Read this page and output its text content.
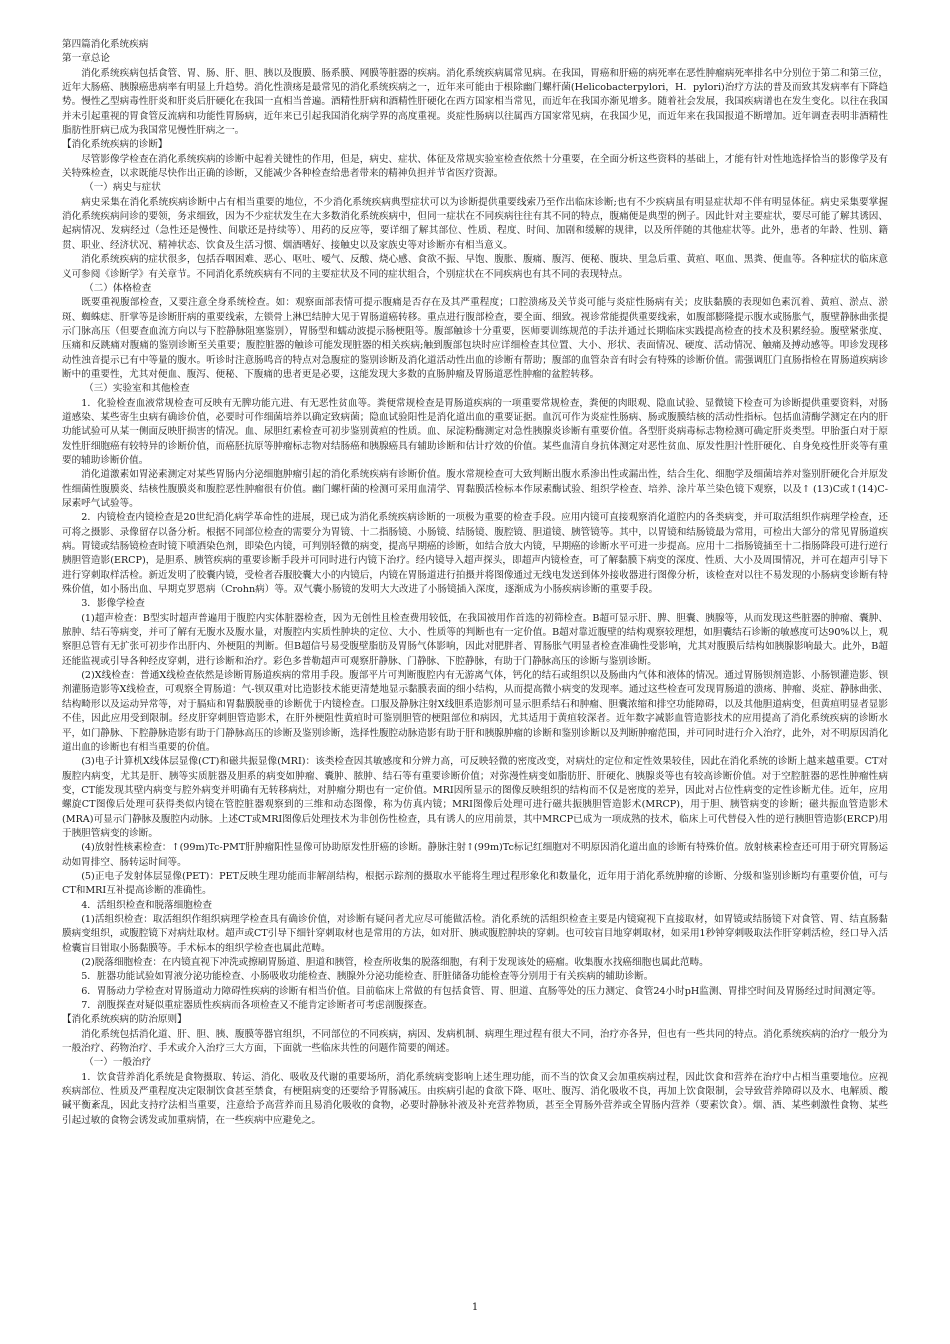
第四篇消化系统疾病

第一章总论

消化系统疾病包括食管、胃、肠、肝、胆、胰以及腹膜、肠系膜、网膜等脏器的疾病。消化系统疾病属常见病。在我国，胃癌和肝癌的病死率在恶性肿瘤病死率排名中分别位于第二和第三位，近年大肠癌、胰腺癌患病率有明显上升趋势。消化性溃疡是最常见的消化系统疾病之一，近年来可能由于根除幽门螺杆菌(Helicobacterpylori，H．pylori)治疗方法的普及而致其发病率有下降趋势。慢性乙型病毒性肝炎和肝炎后肝硬化在我国一直相当普遍。酒精性肝病和酒精性肝硬化在西方国家相当常见，而近年在我国亦渐见增多。随着社会发展，我国疾病谱也在发生变化。以往在我国并未引起重视的胃食管反流病和功能性胃肠病，近年来已引起我国消化病学界的高度重视。炎症性肠病以往属西方国家常见病，在我国少见，而近年来在我国报道不断增加。近年调查表明非酒精性脂肪性肝病已成为我国常见慢性肝病之一。

【消化系统疾病的诊断】

尽管影像学检查在消化系统疾病的诊断中起着关键性的作用，但是，病史、症状、体征及常规实验室检查依然十分重要，在全面分析这些资料的基础上，才能有针对性地选择恰当的影像学及有关特殊检查，以求既能尽快作出正确的诊断，又能减少各种检查给患者带来的精神负担并节省医疗资源。

（一）病史与症状

病史采集在消化系统疾病诊断中占有相当重要的地位，不少消化系统疾病典型症状可以为诊断提供重要线索乃至作出临床诊断;也有不少疾病虽有明显症状却不伴有明显体征。病史采集要掌握消化系统疾病问诊的要领，务求细致，因为不少症状发生在大多数消化系统疾病中，但同一症状在不同疾病往往有其不同的特点，腹痛便是典型的例子。因此针对主要症状，要尽可能了解其诱因、起病情况、发病经过（急性还是慢性、间歇还是持续等）、用药的反应等，要详细了解其部位、性质、程度、时间、加剧和缓解的规律，以及所伴随的其他症状等。此外，患者的年龄、性别、籍贯、职业、经济状况、精神状态、饮食及生活习惯、烟酒嗜好、接触史以及家族史等对诊断亦有相当意义。

消化系统疾病的症状很多，包括吞咽困难、恶心、呕吐、嗳气、反酸、烧心感、食欲不振、早饱、腹胀、腹痛、腹泻、便秘、腹块、里急后重、黄疸、呕血、黑粪、便血等。各种症状的临床意义可参阅《诊断学》有关章节。不同消化系统疾病有不同的主要症状及不同的症状组合，个别症状在不同疾病也有其不同的表现特点。

（二）体格检查

既要重视腹部检查，又要注意全身系统检查。如：观察面部表情可提示腹痛是否存在及其严重程度；口腔溃疡及关节炎可能与炎症性肠病有关；皮肤黏膜的表现如色素沉着、黄疸、淤点、淤斑、蜘蛛痣、肝掌等是诊断肝病的重要线索，左锁骨上淋巴结肿大见于胃肠道癌转移。重点进行腹部检查，要全面、细致。视诊常能提供重要线索，如腹部膨隆提示腹水或肠胀气，腹壁静脉曲张提示门脉高压（但要查血流方向以与下腔静脉阻塞鉴别），胃肠型和蠕动波提示肠梗阻等。腹部触诊十分重要，医师要训练规范的手法并通过长期临床实践提高检查的技术及积累经验。腹壁紧张度、压痛和反跳痛对腹痛的鉴别诊断至关重要；腹腔脏器的触诊可能发现脏器的相关疾病;触到腹部包块时应详细检查其位置、大小、形状、表面情况、硬度、活动情况、触痛及搏动感等。叩诊发现移动性浊音提示已有中等量的腹水。听诊时注意肠鸣音的特点对急腹症的鉴别诊断及消化道活动性出血的诊断有帮助；腹部的血管杂音有时会有特殊的诊断价值。需强调肛门直肠指检在胃肠道疾病诊断中的重要性，尤其对便血、腹泻、便秘、下腹痛的患者更是必要，这能发现大多数的直肠肿瘤及胃肠道恶性肿瘤的盆腔转移。

（三）实验室和其他检查

1．化验检查血液常规检查可反映有无脾功能亢进、有无恶性贫血等。粪便常规检查是胃肠道疾病的一项重要常规检查，粪便的肉眼观、隐血试验、显微镜下检查可为诊断提供重要资料，对肠道感染、某些寄生虫病有确诊价值，必要时可作细菌培养以确定致病菌；隐血试验阳性是消化道出血的重要证据。血沉可作为炎症性肠病、肠或腹膜结核的活动性指标。包括血清酶学测定在内的肝功能试验可从某一侧面反映肝损害的情况。血、尿胆红素检查可初步鉴别黄疸的性质。血、尿淀粉酶测定对急性胰腺炎诊断有重要价值。各型肝炎病毒标志物检测可确定肝炎类型。甲胎蛋白对于原发性肝细胞癌有较特异的诊断价值，而癌胚抗原等肿瘤标志物对结肠癌和胰腺癌具有辅助诊断和估计疗效的价值。某些血清自身抗体测定对恶性贫血、原发性胆汁性肝硬化、自身免疫性肝炎等有重要的辅助诊断价值。

消化道激素如胃泌素测定对某些胃肠内分泌细胞肿瘤引起的消化系统疾病有诊断价值。腹水常规检查可大致判断出腹水系渗出性或漏出性，结合生化、细胞学及细菌培养对鉴别肝硬化合并原发性细菌性腹膜炎、结核性腹膜炎和腹腔恶性肿瘤很有价值。幽门螺杆菌的检测可采用血清学、胃黏膜活检标本作尿素酶试验、组织学检查、培养、涂片革兰染色镜下观察，以及↑ (13)C或↑(14)C-尿素呼气试验等。

2．内镜检查内镜检查是20世纪消化病学革命性的进展，现已成为消化系统疾病诊断的一项极为重要的检查手段。应用内镜可直接观察消化道腔内的各类病变，并可取活组织作病理学检查，还可将之摄影、录像留存以备分析。根据不同部位检查的需要分为胃镜、十二指肠镜、小肠镜、结肠镜、腹腔镜、胆道镜、胰管镜等。其中，以胃镜和结肠镜最为常用，可检出大部分的常见胃肠道疾病。胃镜或结肠镜检查时镜下喷洒染色剂，即染色内镜，可判别轻微的病变，提高早期癌的诊断，如结合放大内镜，早期癌的诊断水平可进一步提高。应用十二指肠镜插至十二指肠降段可进行逆行胰胆管造影(ERCP)，是胆系、胰管疾病的重要诊断手段并可同时进行内镜下治疗。经内镜导入超声探头，即超声内镜检查，可了解黏膜下病变的深度、性质、大小及周围情况，并可在超声引导下进行穿刺取样活检。新近发明了胶囊内镜，受检者吞服胶囊大小的内镜后，内镜在胃肠道进行拍摄并将图像通过无线电发送到体外接收器进行图像分析，该检查对以往不易发现的小肠病变诊断有特殊价值，如小肠出血、早期克罗恩病（Crohn病）等。双气囊小肠镜的发明大大改进了小肠镜插入深度，逐渐成为小肠疾病诊断的重要手段。

3．影像学检查

(1)超声检查：B型实时超声普遍用于腹腔内实体脏器检查，因为无创性且检查费用较低，在我国被用作首选的初筛检查。B超可显示肝、脾、胆囊、胰腺等，从而发现这些脏器的肿瘤、囊肿、脓肿、结石等病变，并可了解有无腹水及腹水量，对腹腔内实质性肿块的定位、大小、性质等的判断也有一定价值。B超对靠近腹壁的结构观察较理想，如胆囊结石诊断的敏感度可达90%以上，观察胆总管有无扩张可初步作出肝内、外梗阻的判断。但B超信号易受腹壁脂肪及胃肠气体影响，因此对肥胖者、胃肠胀气明显者检查准确性受影响，尤其对腹膜后结构如胰腺影响最大。此外，B超还能监视或引导各种经皮穿刺，进行诊断和治疗。彩色多普勒超声可观察肝静脉、门静脉、下腔静脉，有助于门静脉高压的诊断与鉴别诊断。

(2)X线检查：普通X线检查依然是诊断胃肠道疾病的常用手段。腹部平片可判断腹腔内有无游离气体，钙化的结石或组织以及肠曲内气体和液体的情况。通过胃肠钡剂造影、小肠钡灌造影、钡剂灌肠造影等X线检查，可观察全胃肠道：气-钡双重对比造影技术能更清楚地显示黏膜表面的细小结构，从而提高微小病变的发现率。通过这些检查可发现胃肠道的溃疡、肿瘤、炎症、静脉曲张、结构畸形以及运动异常等，对于膈疝和胃黏膜脱垂的诊断优于内镜检查。口服及静脉注射X线胆系造影剂可显示胆系结石和肿瘤、胆囊浓缩和排空功能障碍，以及其他胆道病变，但黄疸明显者显影不佳，因此应用受到限制。经皮肝穿刺胆管造影术，在肝外梗阻性黄疸时可鉴别胆管的梗阻部位和病因，尤其适用于黄疸较深者。近年数字减影血管造影技术的应用提高了消化系统疾病的诊断水平，如门静脉、下腔静脉造影有助于门静脉高压的诊断及鉴别诊断，选择性腹腔动脉造影有助于肝和胰腺肿瘤的诊断和鉴别诊断以及判断肿瘤范围，并可同时进行介入治疗，此外，对不明原因消化道出血的诊断也有相当重要的价值。

(3)电子计算机X线体层显像(CT)和磁共振显像(MRI)：该类检查因其敏感度和分辨力高，可反映轻微的密度改变，对病灶的定位和定性效果较佳，因此在消化系统的诊断上越来越重要。CT对腹腔内病变，尤其是肝、胰等实质脏器及胆系的病变如肿瘤、囊肿、脓肿、结石等有重要诊断价值；对弥漫性病变如脂肪肝、肝硬化、胰腺炎等也有较高诊断价值。对于空腔脏器的恶性肿瘤性病变，CT能发现其壁内病变与腔外病变并明确有无转移病灶，对肿瘤分期也有一定价值。MRI因所显示的图像反映组织的结构而不仅是密度的差异，因此对占位性病变的定性诊断尤佳。近年，应用螺旋CT图像后处理可获得类似内镜在管腔脏器观察到的三维和动态图像，称为仿真内镜；MRI图像后处理可进行磁共振胰胆管造影术(MRCP)，用于胆、胰管病变的诊断；磁共振血管造影术(MRA)可显示门静脉及腹腔内动脉。上述CT或MRI图像后处理技术为非创伤性检查，具有诱人的应用前景，其中MRCP已成为一项成熟的技术，临床上可代替侵入性的逆行胰胆管造影(ERCP)用于胰胆管病变的诊断。

(4)放射性核素检查：↑(99m)Tc-PMT肝肿瘤阳性显像可协助原发性肝癌的诊断。静脉注射↑(99m)Tc标记红细胞对不明原因消化道出血的诊断有特殊价值。放射核素检查还可用于研究胃肠运动如胃排空、肠转运时间等。

(5)正电子发射体层显像(PET)：PET反映生理功能而非解剖结构，根据示踪剂的摄取水平能将生理过程形象化和数量化，近年用于消化系统肿瘤的诊断、分级和鉴别诊断均有重要价值，可与CT和MRI互补提高诊断的准确性。

4．活组织检查和脱落细胞检查

(1)活组织检查：取活组织作组织病理学检查具有确诊价值，对诊断有疑问者尤应尽可能做活检。消化系统的活组织检查主要是内镜窥视下直接取材，如胃镜或结肠镜下对食管、胃、结直肠黏膜病变组织，或腹腔镜下对病灶取材。超声或CT引导下细针穿刺取材也是常用的方法，如对肝、胰或腹腔肿块的穿刺。也可较盲目地穿刺取材，如采用1秒钟穿刺吸取法作肝穿刺活检，经口导入活检囊盲目钳取小肠黏膜等。手术标本的组织学检查也属此范畴。

(2)脱落细胞检查：在内镜直视下冲洗或擦刷胃肠道、胆道和胰管，检查所收集的脱落细胞，有利于发现该处的癌瘤。收集腹水找癌细胞也属此范畴。

5．脏器功能试验如胃液分泌功能检查、小肠吸收功能检查、胰腺外分泌功能检查、肝脏储备功能检查等分别用于有关疾病的辅助诊断。

6．胃肠动力学检查对胃肠道动力障碍性疾病的诊断有相当价值。目前临床上常做的有包括食管、胃、胆道、直肠等处的压力测定、食管24小时pH监测、胃排空时间及胃肠经过时间测定等。

7．剖腹探查对疑似重症器质性疾病而各项检查又不能肯定诊断者可考虑剖腹探查。

【消化系统疾病的防治原则】

消化系统包括消化道、肝、胆、胰、腹膜等器官组织，不同部位的不同疾病，病因、发病机制、病理生理过程有很大不同，治疗亦各异，但也有一些共同的特点。消化系统疾病的治疗一般分为一般治疗、药物治疗、手术或介入治疗三大方面，下面就一些临床共性的问题作简要的阐述。

（一）一般治疗

1．饮食营养消化系统是食物摄取、转运、消化、吸收及代谢的重要场所，消化系统病变影响上述生理功能，而不当的饮食又会加重疾病过程，因此饮食和营养在治疗中占相当重要地位。应视疾病部位、性质及严重程度决定限制饮食甚至禁食，有梗阻病变的还要给予胃肠减压。由疾病引起的食欲下降、呕吐、腹泻、消化吸收不良，再加上饮食限制，会导致营养障碍以及水、电解质、酸碱平衡紊乱，因此支持疗法相当重要，注意给予高营养而且易消化吸收的食物，必要时静脉补液及补充营养物质，甚至全胃肠外营养或全胃肠内营养（要素饮食）。烟、酒、某些刺激性食物、某些引起过敏的食物会诱发或加重病情，在一些疾病中应避免之。

1
